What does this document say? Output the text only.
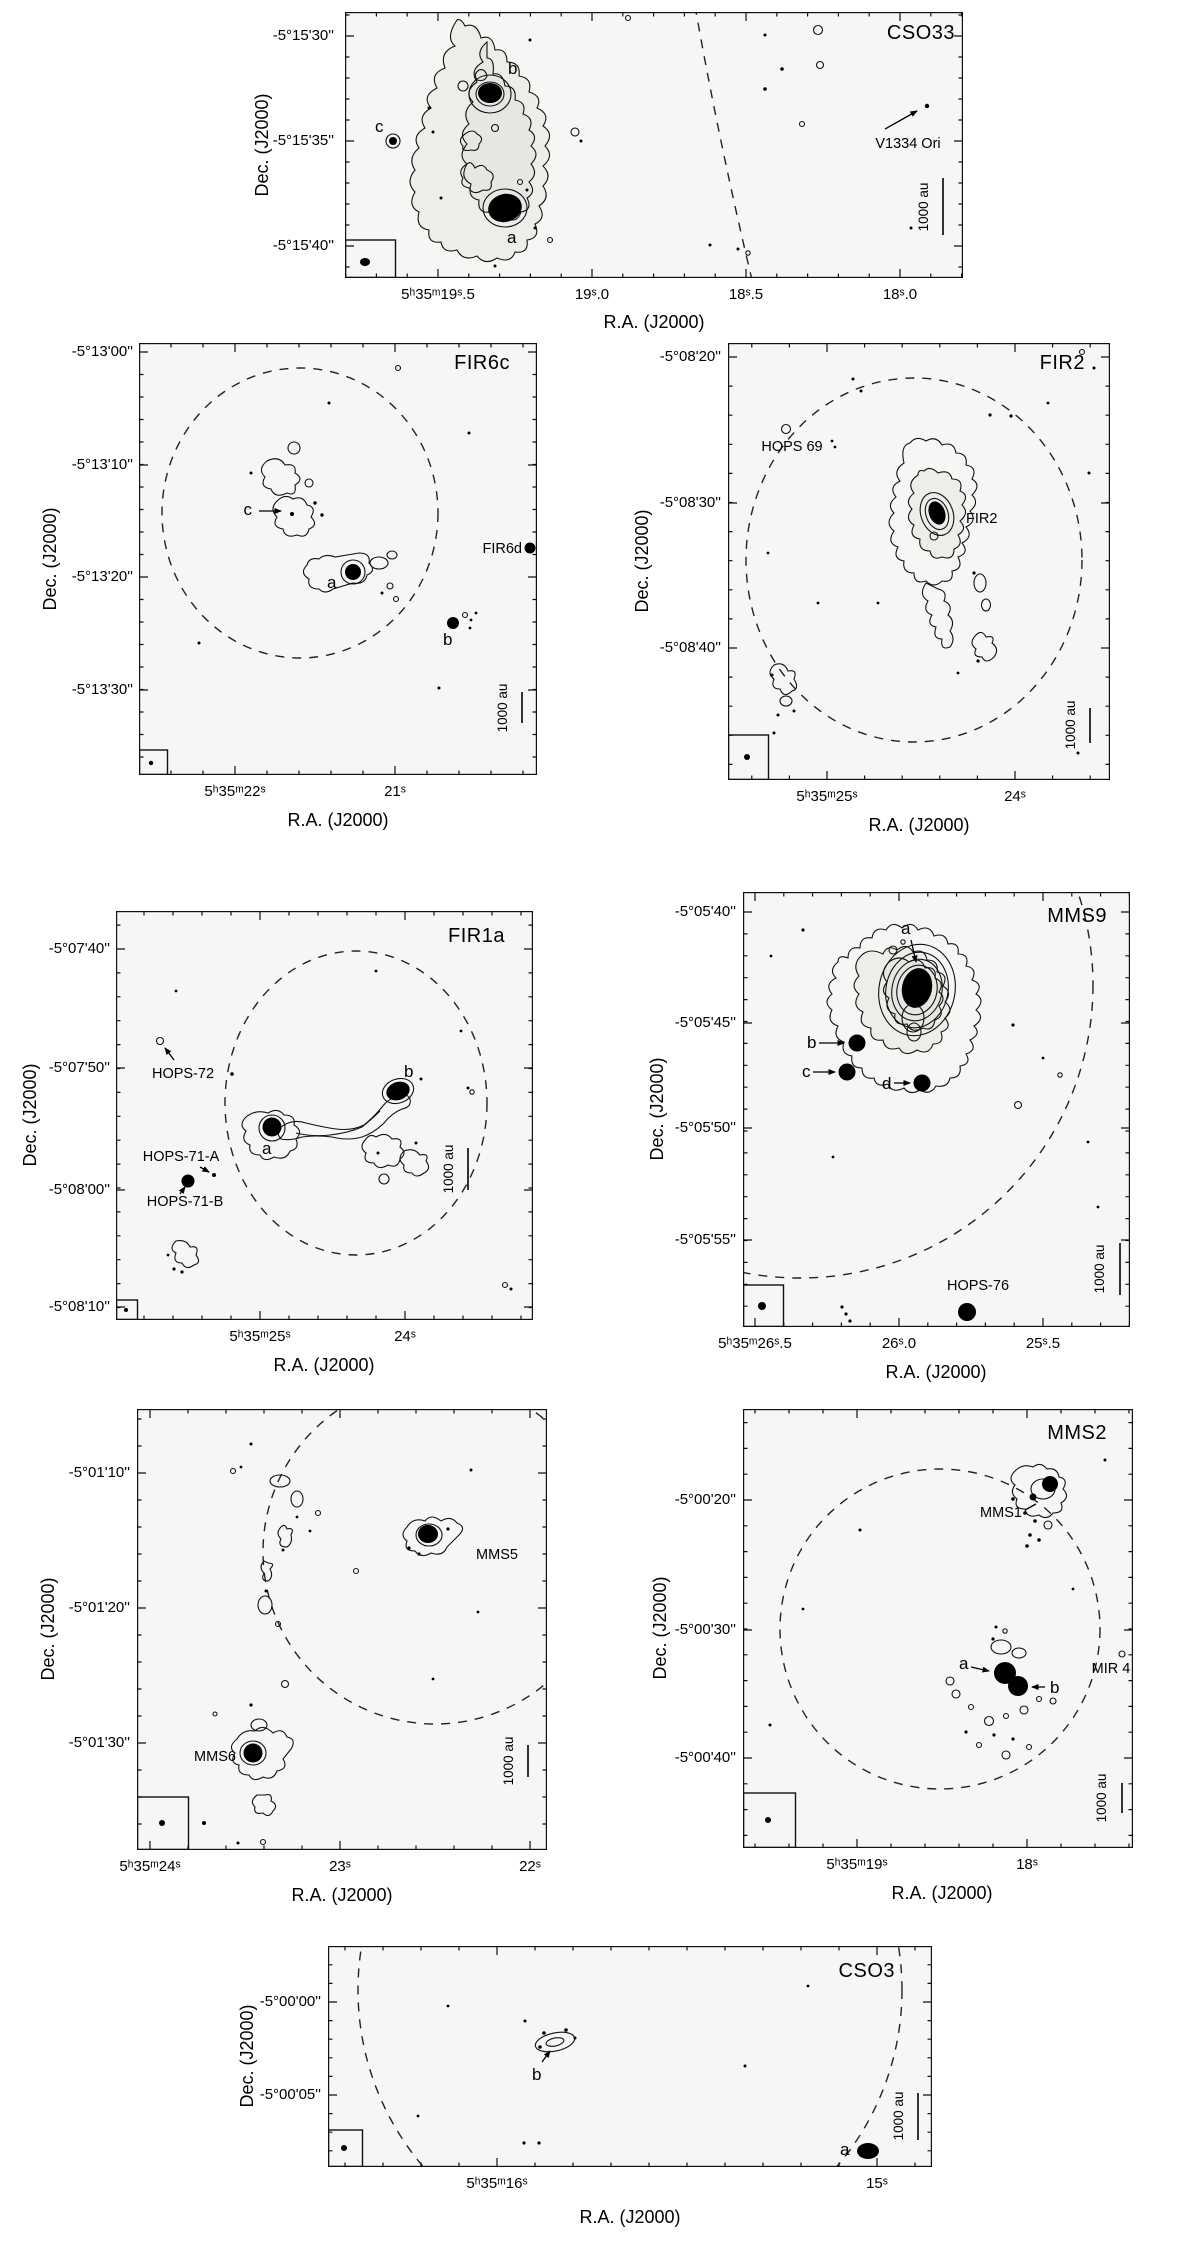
b
c
a
V1334 Ori
1000 au
CSO33
-5°15'30''
-5°15'35''
-5°15'40''
5ʰ35ᵐ19ˢ.5	19ˢ.0	18ˢ.5	18ˢ.0
R.A. (J2000)
Dec. (J2000)
c
a
b
FIR6d
1000 au
FIR6c
-5°13'00''
-5°13'10''
-5°13'20''
-5°13'30''
5ʰ35ᵐ22ˢ	21ˢ
R.A. (J2000)
Dec. (J2000)
HOPS 69
FIR2
1000 au
FIR2
-5°08'20''
-5°08'30''
-5°08'40''
5ʰ35ᵐ25ˢ	24ˢ
R.A. (J2000)
Dec. (J2000)
HOPS-72	b
a
HOPS-71-A
HOPS-71-B
1000 au
FIR1a
-5°07'40''
-5°07'50''
-5°08'00''
-5°08'10''
5ʰ35ᵐ25ˢ	24ˢ
R.A. (J2000)
Dec. (J2000)
a
b
c
d
HOPS-76	1000 au
MMS9
-5°05'40''
-5°05'45''
-5°05'50''
-5°05'55''
5ʰ35ᵐ26ˢ.5	26ˢ.0	25ˢ.5
R.A. (J2000)
Dec. (J2000)
MMS5
MMS6	1000 au
-5°01'10''
-5°01'20''
-5°01'30''
5ʰ35ᵐ24ˢ	23ˢ	22ˢ
R.A. (J2000)
Dec. (J2000)
MMS1
MIR 4
a
b
1000 au
MMS2
-5°00'20''
-5°00'30''
-5°00'40''
5ʰ35ᵐ19ˢ	18ˢ
R.A. (J2000)
Dec. (J2000)
b
a
1000 au
CSO3
-5°00'00''
-5°00'05''
5ʰ35ᵐ16ˢ	15ˢ
R.A. (J2000)
Dec. (J2000)
